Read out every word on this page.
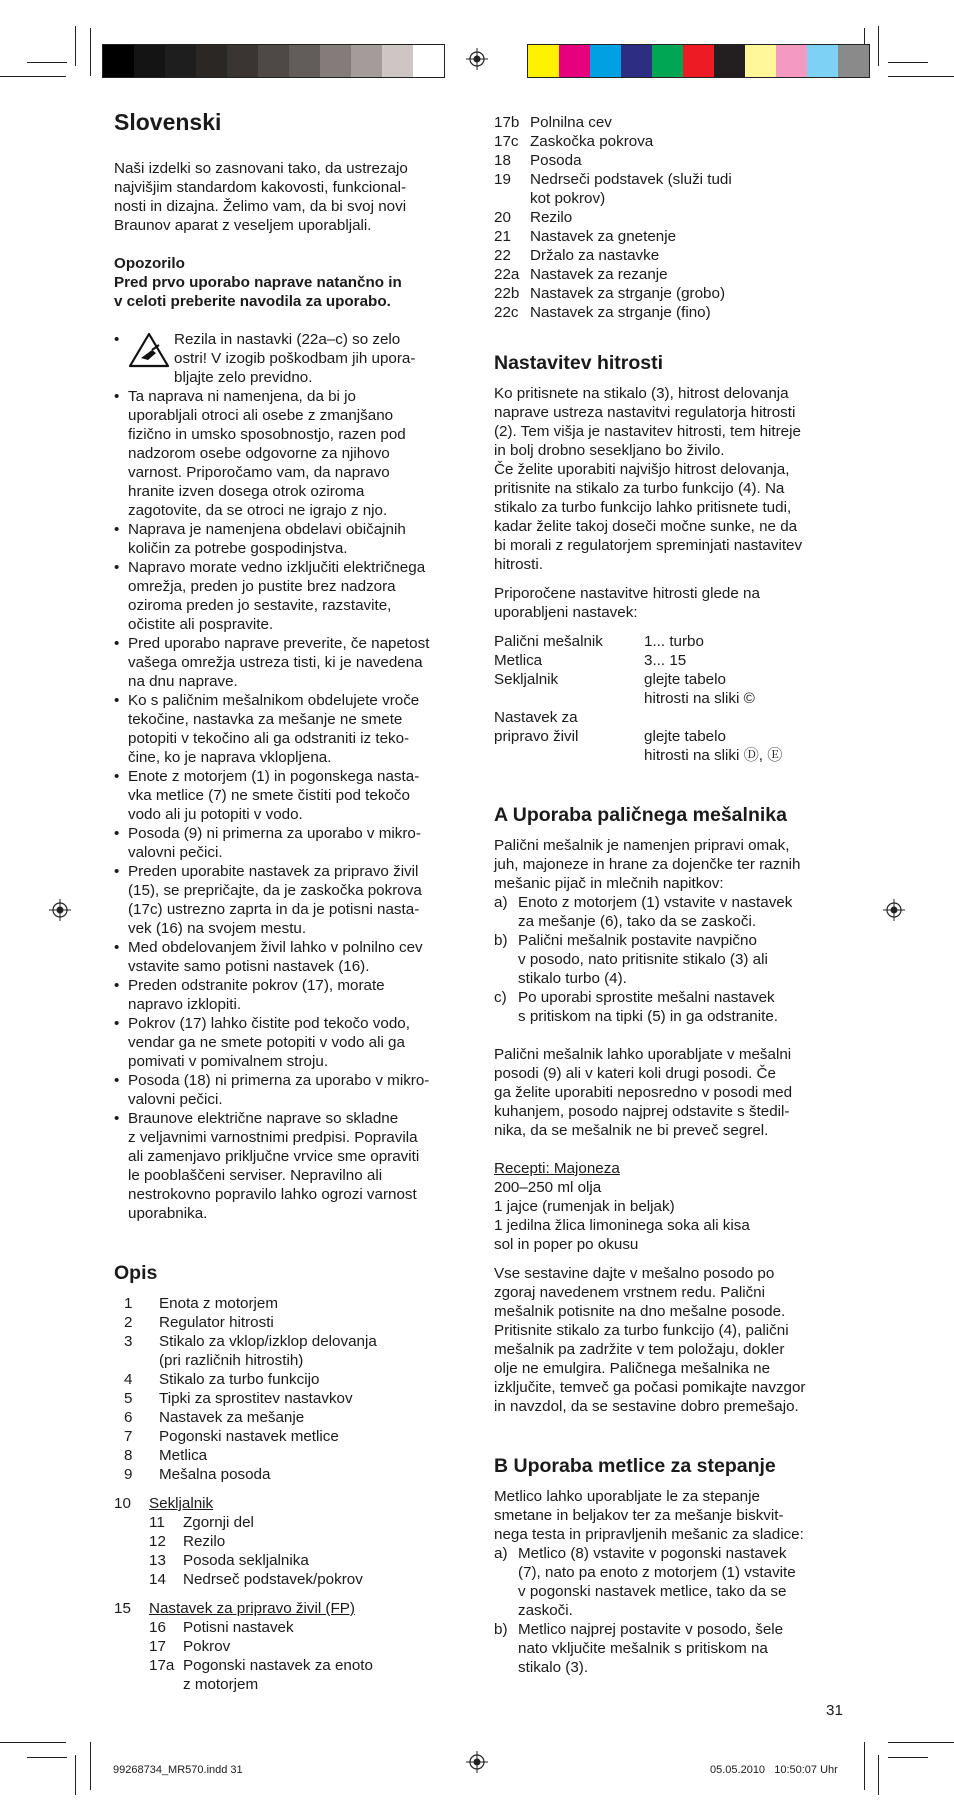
Slovenski
Naši izdelki so zasnovani tako, da ustrezajo
najvišjim standardom kakovosti, funkcional-
nosti in dizajna. Želimo vam, da bi svoj novi
Braunov aparat z veseljem uporabljali.
Opozorilo
Pred prvo uporabo naprave natančno in
v celoti preberite navodila za uporabo.
• Rezila in nastavki (22a–c) so zelo
ostri! V izogib poškodbam jih upora-
bljajte zelo previdno.
• Ta naprava ni namenjena, da bi jo
uporabljali otroci ali osebe z zmanjšano
fizično in umsko sposobnostjo, razen pod
nadzorom osebe odgovorne za njihovo
varnost. Priporočamo vam, da napravo
hranite izven dosega otrok oziroma
zagotovite, da se otroci ne igrajo z njo.
• Naprava je namenjena obdelavi običajnih
količin za potrebe gospodinjstva.
• Napravo morate vedno izključiti električnega
omrežja, preden jo pustite brez nadzora
oziroma preden jo sestavite, razstavite,
očistite ali pospravite.
• Pred uporabo naprave preverite, če napetost
vašega omrežja ustreza tisti, ki je navedena
na dnu naprave.
• Ko s paličnim mešalnikom obdelujete vroče
tekočine, nastavka za mešanje ne smete
potopiti v tekočino ali ga odstraniti iz teko-
čine, ko je naprava vklopljena.
• Enote z motorjem (1) in pogonskega nasta-
vka metlice (7) ne smete čistiti pod tekočo
vodo ali ju potopiti v vodo.
• Posoda (9) ni primerna za uporabo v mikro-
valovni pečici.
• Preden uporabite nastavek za pripravo živil
(15), se prepričajte, da je zaskočka pokrova
(17c) ustrezno zaprta in da je potisni nasta-
vek (16) na svojem mestu.
• Med obdelovanjem živil lahko v polnilno cev
vstavite samo potisni nastavek (16).
• Preden odstranite pokrov (17), morate
napravo izklopiti.
• Pokrov (17) lahko čistite pod tekočo vodo,
vendar ga ne smete potopiti v vodo ali ga
pomivati v pomivalnem stroju.
• Posoda (18) ni primerna za uporabo v mikro-
valovni pečici.
• Braunove električne naprave so skladne
z veljavnimi varnostnimi predpisi. Popravila
ali zamenjavo priključne vrvice sme opraviti
le pooblaščeni serviser. Nepravilno ali
nestrokovno popravilo lahko ogrozi varnost
uporabnika.
Opis
1	Enota z motorjem
2	Regulator hitrosti
3	Stikalo za vklop/izklop delovanja
(pri različnih hitrostih)
4	Stikalo za turbo funkcijo
5	Tipki za sprostitev nastavkov
6	Nastavek za mešanje
7	Pogonski nastavek metlice
8	Metlica
9	Mešalna posoda
10	Sekljalnik
11	Zgornji del
12	Rezilo
13	Posoda sekljalnika
14	Nedrseč podstavek/pokrov
15	Nastavek za pripravo živil (FP)
16	Potisni nastavek
17	Pokrov
17a Pogonski nastavek za enoto
z motorjem
17b Polnilna cev
17c Zaskočka pokrova
18	Posoda
19	Nedrseči podstavek (služi tudi
kot pokrov)
20	Rezilo
21	Nastavek za gnetenje
22	Držalo za nastavke
22a Nastavek za rezanje
22b Nastavek za strganje (grobo)
22c Nastavek za strganje (fino)
Nastavitev hitrosti
Ko pritisnete na stikalo (3), hitrost delovanja
naprave ustreza nastavitvi regulatorja hitrosti
(2). Tem višja je nastavitev hitrosti, tem hitreje
in bolj drobno sesekljano bo živilo.
Če želite uporabiti najvišjo hitrost delovanja,
pritisnite na stikalo za turbo funkcijo (4). Na
stikalo za turbo funkcijo lahko pritisnete tudi,
kadar želite takoj doseči močne sunke, ne da
bi morali z regulatorjem spreminjati nastavitev
hitrosti.
Priporočene nastavitve hitrosti glede na
uporabljeni nastavek:
Palični mešalnik	1... turbo
Metlica	3... 15
Sekljalnik	glejte tabelo

hitrosti na sliki ©
Nastavek za

pripravo živil	glejte tabelo

hitrosti na sliki Ⓓ, Ⓔ
A Uporaba paličnega mešalnika
Palični mešalnik je namenjen pripravi omak,
juh, majoneze in hrane za dojenčke ter raznih
mešanic pijač in mlečnih napitkov:
a) Enoto z motorjem (1) vstavite v nastavek
za mešanje (6), tako da se zaskoči.
b) Palični mešalnik postavite navpično
v posodo, nato pritisnite stikalo (3) ali
stikalo turbo (4).
c) Po uporabi sprostite mešalni nastavek
s pritiskom na tipki (5) in ga odstranite.
Palični mešalnik lahko uporabljate v mešalni
posodi (9) ali v kateri koli drugi posodi. Če
ga želite uporabiti neposredno v posodi med
kuhanjem, posodo najprej odstavite s štedil-
nika, da se mešalnik ne bi preveč segrel.
Recepti: Majoneza
200–250 ml olja
1 jajce (rumenjak in beljak)
1 jedilna žlica limoninega soka ali kisa
sol in poper po okusu
Vse sestavine dajte v mešalno posodo po
zgoraj navedenem vrstnem redu. Palični
mešalnik potisnite na dno mešalne posode.
Pritisnite stikalo za turbo funkcijo (4), palični
mešalnik pa zadržite v tem položaju, dokler
olje ne emulgira. Paličnega mešalnika ne
izključite, temveč ga počasi pomikajte navzgor
in navzdol, da se sestavine dobro premešajo.
B Uporaba metlice za stepanje
Metlico lahko uporabljate le za stepanje
smetane in beljakov ter za mešanje biskvit-
nega testa in pripravljenih mešanic za sladice:
a) Metlico (8) vstavite v pogonski nastavek
(7), nato pa enoto z motorjem (1) vstavite
v pogonski nastavek metlice, tako da se
zaskoči.
b) Metlico najprej postavite v posodo, šele
nato vključite mešalnik s pritiskom na
stikalo (3).
31
99268734_MR570.indd 31	05.05.2010   10:50:07 Uhr
